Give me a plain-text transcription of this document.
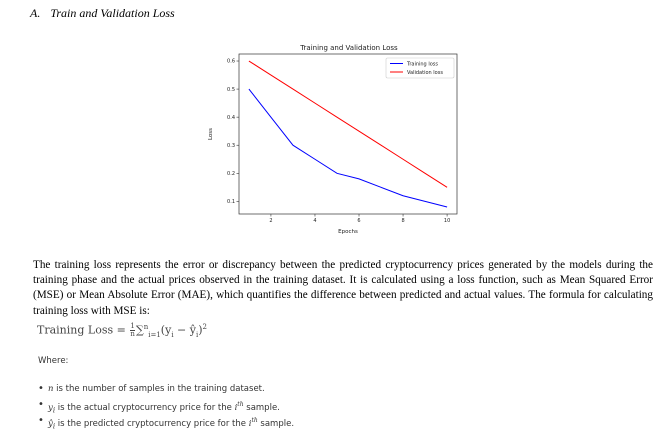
A. Train and Validation Loss
Training and Validation Loss
2	4	6	8	10
0.1
0.2
0.3
0.4
0.5
0.6
Epochs
Loss
Training loss
Validation loss

The training loss represents the error or discrepancy between the predicted cryptocurrency prices generated by the models during the training phase and the actual prices observed in the training dataset. It is calculated using a loss function, such as Mean Squared Error (MSE) or Mean Absolute Error (MAE), which quantifies the difference between predicted and actual values. The formula for calculating training loss with MSE is:

Training Loss = $\frac{1}{n} \sum^n_{i=1}(y_i$ − $ŷ_i)^2$
Where:
• n is the number of samples in the training dataset.
• $y_i$ is the actual cryptocurrency price for the $i^{th}$ sample.
• $ŷ_i$ is the predicted cryptocurrency price for the $i^{th}$ sample.
